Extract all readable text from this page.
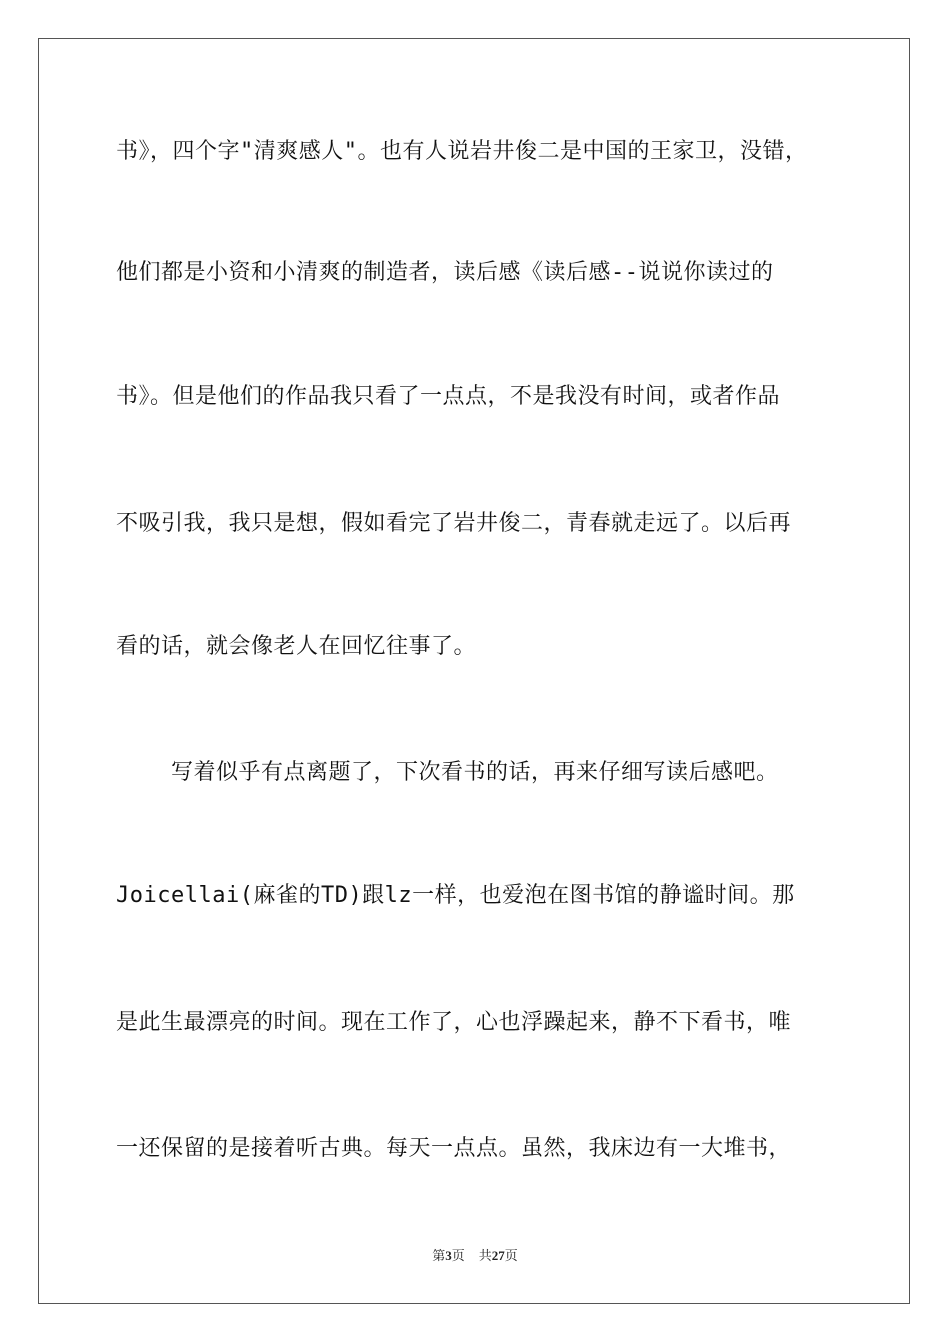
书》，四个字"清爽感人"。也有人说岩井俊二是中国的王家卫，没错，
他们都是小资和小清爽的制造者，读后感《读后感--说说你读过的
书》。但是他们的作品我只看了一点点，不是我没有时间，或者作品
不吸引我，我只是想，假如看完了岩井俊二，青春就走远了。以后再
看的话，就会像老人在回忆往事了。
写着似乎有点离题了，下次看书的话，再来仔细写读后感吧。
Joicellai(麻雀的TD)跟lz一样，也爱泡在图书馆的静谧时间。那
是此生最漂亮的时间。现在工作了，心也浮躁起来，静不下看书，唯
一还保留的是接着听古典。每天一点点。虽然，我床边有一大堆书，
第3页 共27页
